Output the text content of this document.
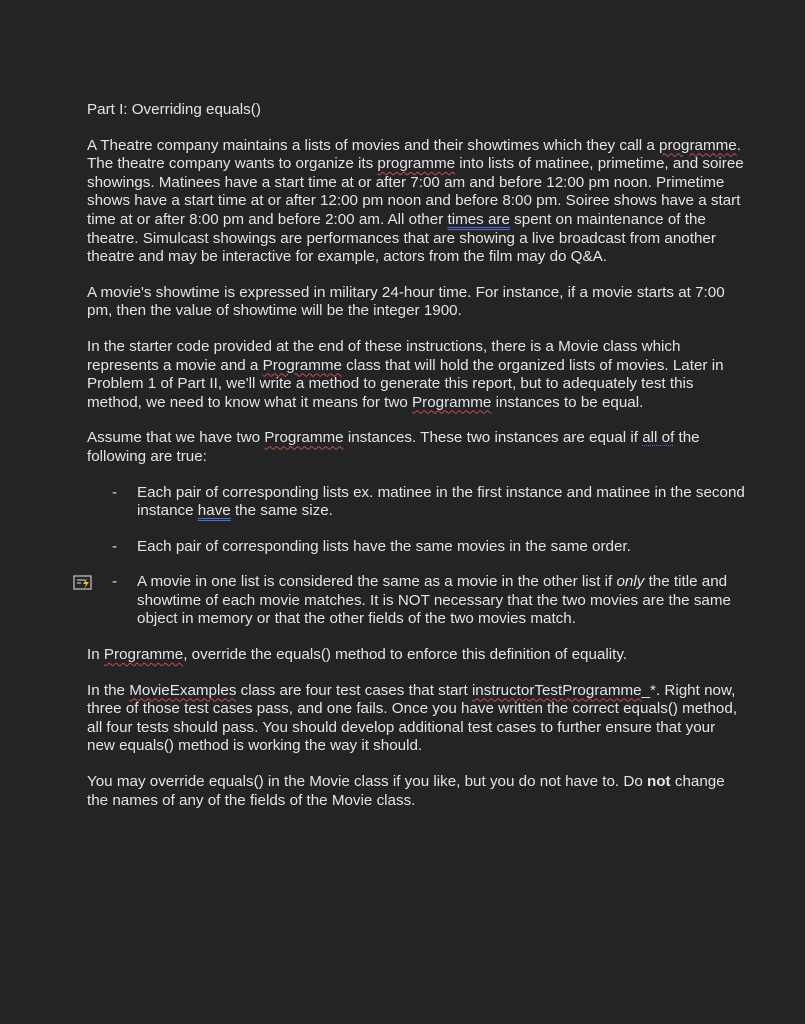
Part I: Overriding equals()

A Theatre company maintains a lists of movies and their showtimes which they call a programme. The theatre company wants to organize its programme into lists of matinee, primetime, and soiree showings. Matinees have a start time at or after 7:00 am and before 12:00 pm noon. Primetime shows have a start time at or after 12:00 pm noon and before 8:00 pm. Soiree shows have a start time at or after 8:00 pm and before 2:00 am. All other times are spent on maintenance of the theatre. Simulcast showings are performances that are showing a live broadcast from another theatre and may be interactive for example, actors from the film may do Q&A.

A movie's showtime is expressed in military 24-hour time. For instance, if a movie starts at 7:00 pm, then the value of showtime will be the integer 1900.

In the starter code provided at the end of these instructions, there is a Movie class which represents a movie and a Programme class that will hold the organized lists of movies. Later in Problem 1 of Part II, we'll write a method to generate this report, but to adequately test this method, we need to know what it means for two Programme instances to be equal.

Assume that we have two Programme instances. These two instances are equal if all of the following are true:

- Each pair of corresponding lists ex. matinee in the first instance and matinee in the second instance have the same size.
- Each pair of corresponding lists have the same movies in the same order.
- A movie in one list is considered the same as a movie in the other list if only the title and showtime of each movie matches. It is NOT necessary that the two movies are the same object in memory or that the other fields of the two movies match.

In Programme, override the equals() method to enforce this definition of equality.

In the MovieExamples class are four test cases that start instructorTestProgramme_*. Right now, three of those test cases pass, and one fails. Once you have written the correct equals() method, all four tests should pass. You should develop additional test cases to further ensure that your new equals() method is working the way it should.

You may override equals() in the Movie class if you like, but you do not have to. Do not change the names of any of the fields of the Movie class.
